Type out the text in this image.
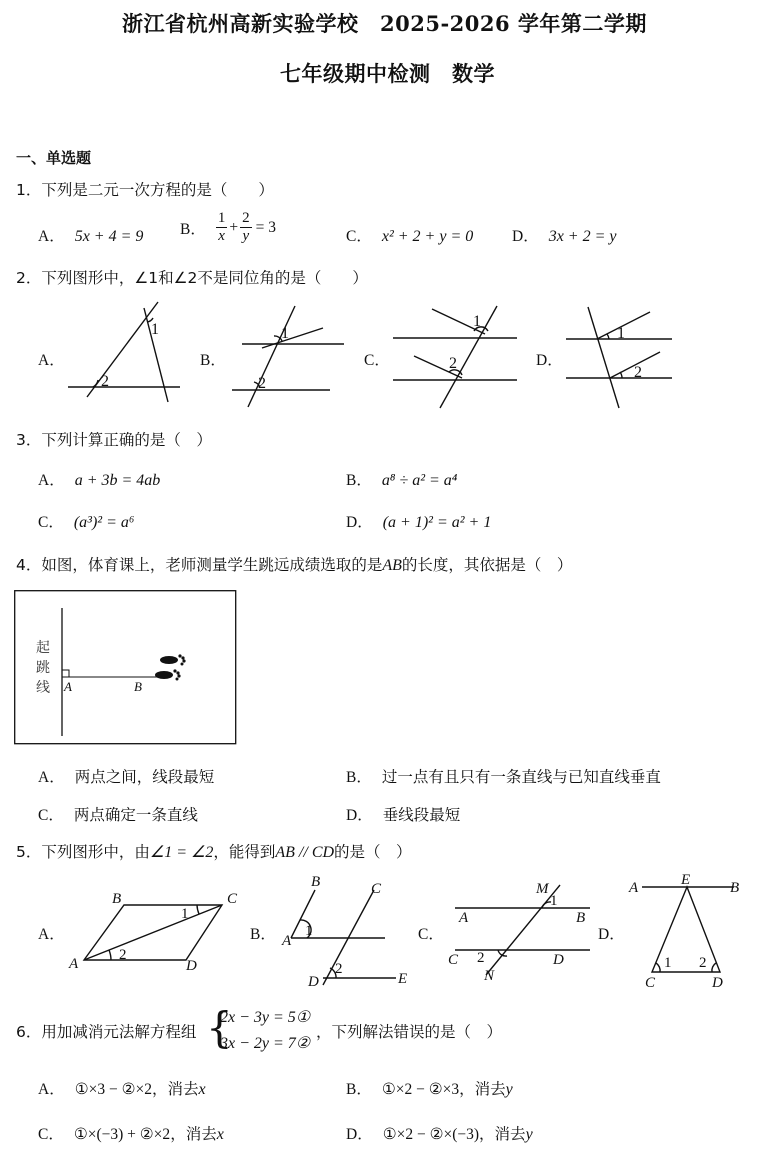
浙江省杭州高新实验学校　2025-2026 学年第二学期
七年级期中检测　数学
一、单选题
1．下列是二元一次方程的是（　　）
A． 5x + 4 = 9 B． $\frac{1}{x} + \frac{2}{y} = 3$
C． x² + 2 + y = 0	D． 3x + 2 = y
2．下列图形中，∠1和∠2不是同位角的是（　　）
A．	B．	C．	D．
1
2
1
2
1
2
1
2
3．下列计算正确的是（　）
A． a + 3b = 4ab	B． a⁸ ÷ a² = a⁴
C． (a³)² = a⁶	D． (a + 1)² = a² + 1
4．如图，体育课上，老师测量学生跳远成绩选取的是AB的长度，其依据是（　）
起
跳
线 A	B
A． 两点之间，线段最短	B． 过一点有且只有一条直线与已知直线垂直
C． 两点确定一条直线	D． 垂线段最短
5．下列图形中，由∠1 = ∠2，能得到AB // CD的是（　）
A．	B．	C．	D．
B	C
A	D
1
2
B	C
A
D	E
1
2
M
A	B
C	D
N
1
2
A	E	B
C	D
1 2
6．用加减消元法解方程组 {
2x − 3y = 5①
3x − 2y = 7②
，下列解法错误的是（　）
A． ①×3 − ②×2，消去x	B． ①×2 − ②×3，消去y
C． ①×(−3) + ②×2，消去x	D． ①×2 − ②×(−3)，消去y
